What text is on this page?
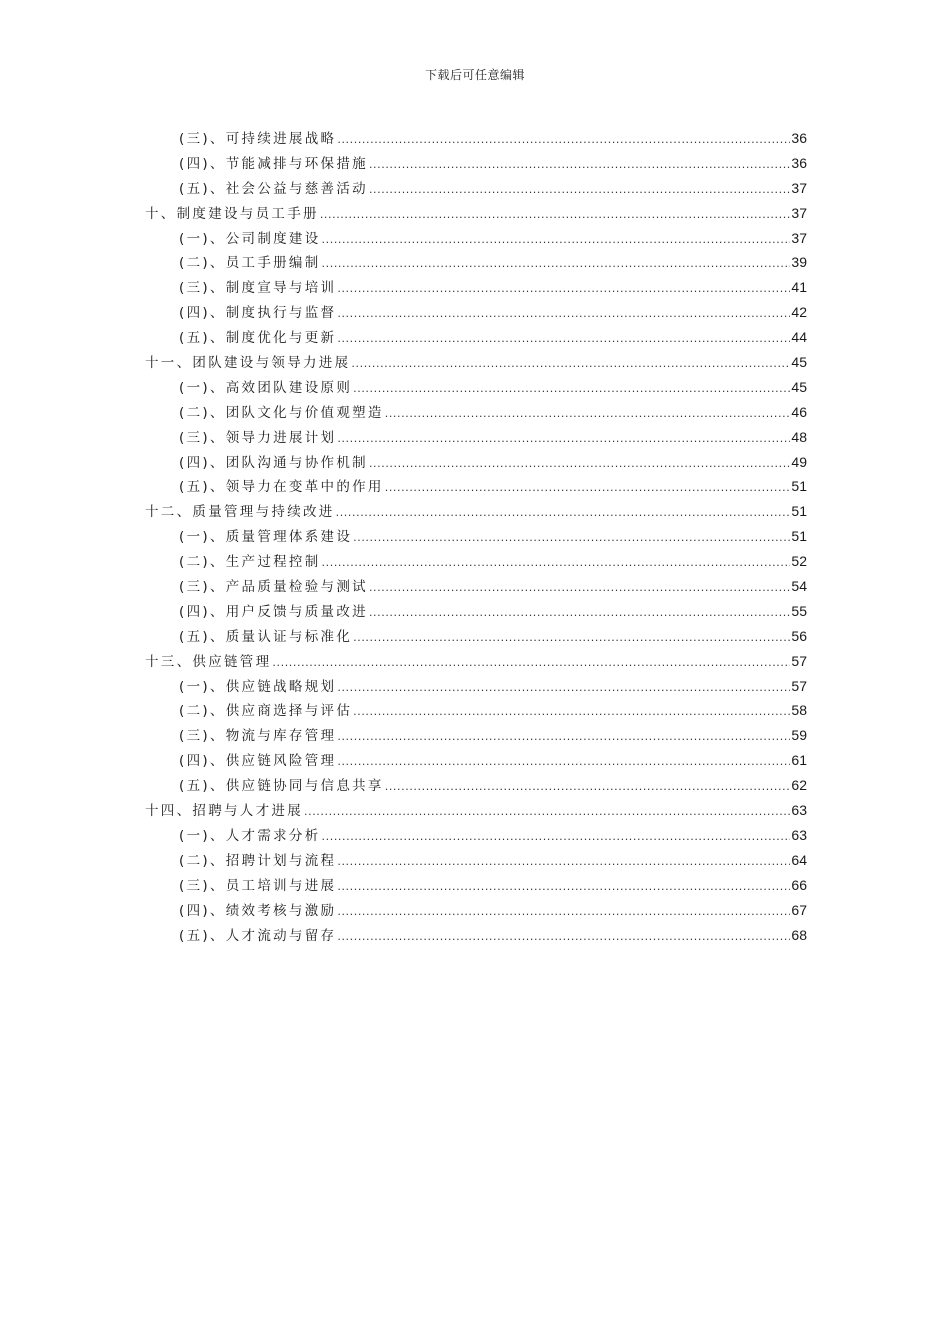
下载后可任意编辑
(三)、可持续进展战略 .....	36
(四)、节能减排与环保措施 .....	36
(五)、社会公益与慈善活动 .....	37
十、制度建设与员工手册 .....	37
(一)、公司制度建设 .....	37
(二)、员工手册编制 .....	39
(三)、制度宣导与培训 .....	41
(四)、制度执行与监督 .....	42
(五)、制度优化与更新 .....	44
十一、团队建设与领导力进展 .....	45
(一)、高效团队建设原则 .....	45
(二)、团队文化与价值观塑造 .....	46
(三)、领导力进展计划 .....	48
(四)、团队沟通与协作机制 .....	49
(五)、领导力在变革中的作用 .....	51
十二、质量管理与持续改进 .....	51
(一)、质量管理体系建设 .....	51
(二)、生产过程控制 .....	52
(三)、产品质量检验与测试 .....	54
(四)、用户反馈与质量改进 .....	55
(五)、质量认证与标准化 .....	56
十三、供应链管理 .....	57
(一)、供应链战略规划 .....	57
(二)、供应商选择与评估 .....	58
(三)、物流与库存管理 .....	59
(四)、供应链风险管理 .....	61
(五)、供应链协同与信息共享 .....	62
十四、招聘与人才进展 .....	63
(一)、人才需求分析 .....	63
(二)、招聘计划与流程 .....	64
(三)、员工培训与进展 .....	66
(四)、绩效考核与激励 .....	67
(五)、人才流动与留存 .....	68
